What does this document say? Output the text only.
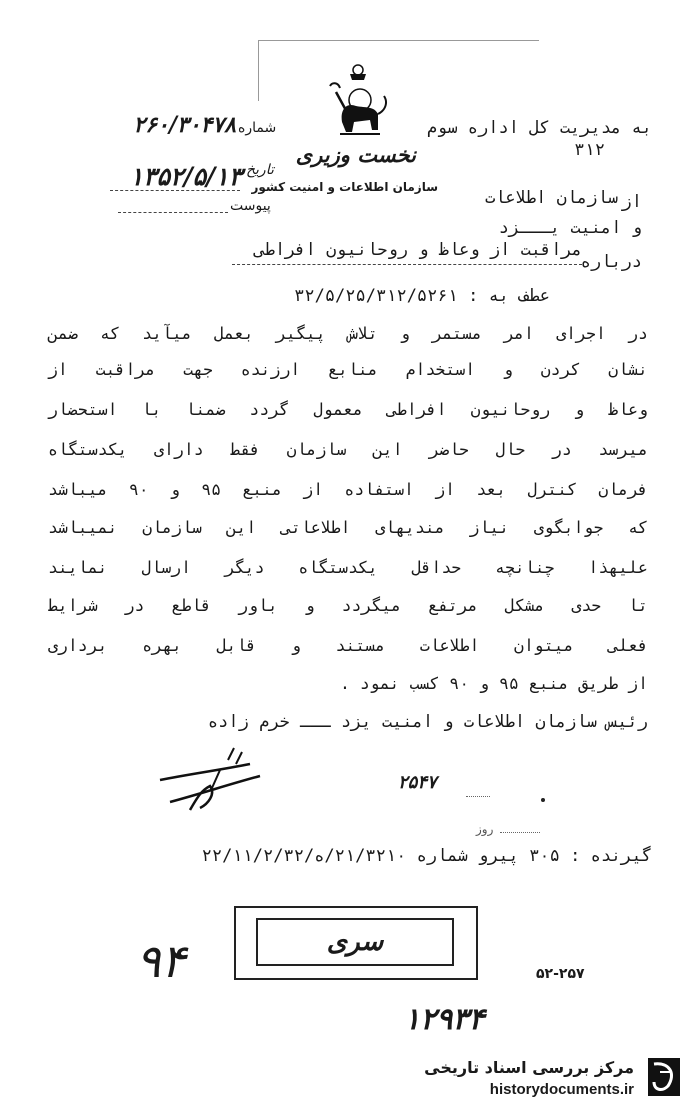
نخست وزیری
سازمان اطلاعات و امنیت کشور
به مدیریت کل اداره سوم
۳۱۲
۲۶۰/۳۰۴۷۸ شماره
تاریخ
۱۳۵۲/۵/۱۳
پیوست	از
سازمان اطلاعات
و امنیت یـــزد
درباره
مراقبت از وعاظ و روحانیون افراطی
عطف به : ۳۲/۵/۲۵/۳۱۲/۵۲۶۱
در اجرای امر مستمر و تلاش پیگیر بعمل میآید که ضمن
نشان کردن و استخدام منابع ارزنده جهت مراقبت از
وعاظ و روحانیون افراطی معمول گردد ضمنا با استحضار
میرسد در حال حاضر این سازمان فقط دارای یکدستگاه
فرمان کنترل بعد از استفاده از منبع ۹۵ و ۹۰ میباشد
که جوابگوی نیاز مندیهای اطلاعاتی این سازمان نمیباشد
علیهذا چنانچه حداقل یکدستگاه دیگر ارسال نمایند
تا حدی مشکل مرتفع میگردد و باور قاطع در شرایط
فعلی میتوان اطلاعات مستند و قابل بهره برداری
از طریق منبع ۹۵ و ۹۰ کسب نمود .
رئیس سازمان اطلاعات و امنیت یزد ـــ خرم زاده
۲۵۴۷
روز
گیرنده : ۳۰۵ پیرو شماره ۲۱/۳۲۱۰/ه/۲۲/۱۱/۲/۳۲
سری
۹۴	۵۲-۲۵۷
۱۲۹۳۴
مرکز بررسی اسناد تاریخی
historydocuments.ir
